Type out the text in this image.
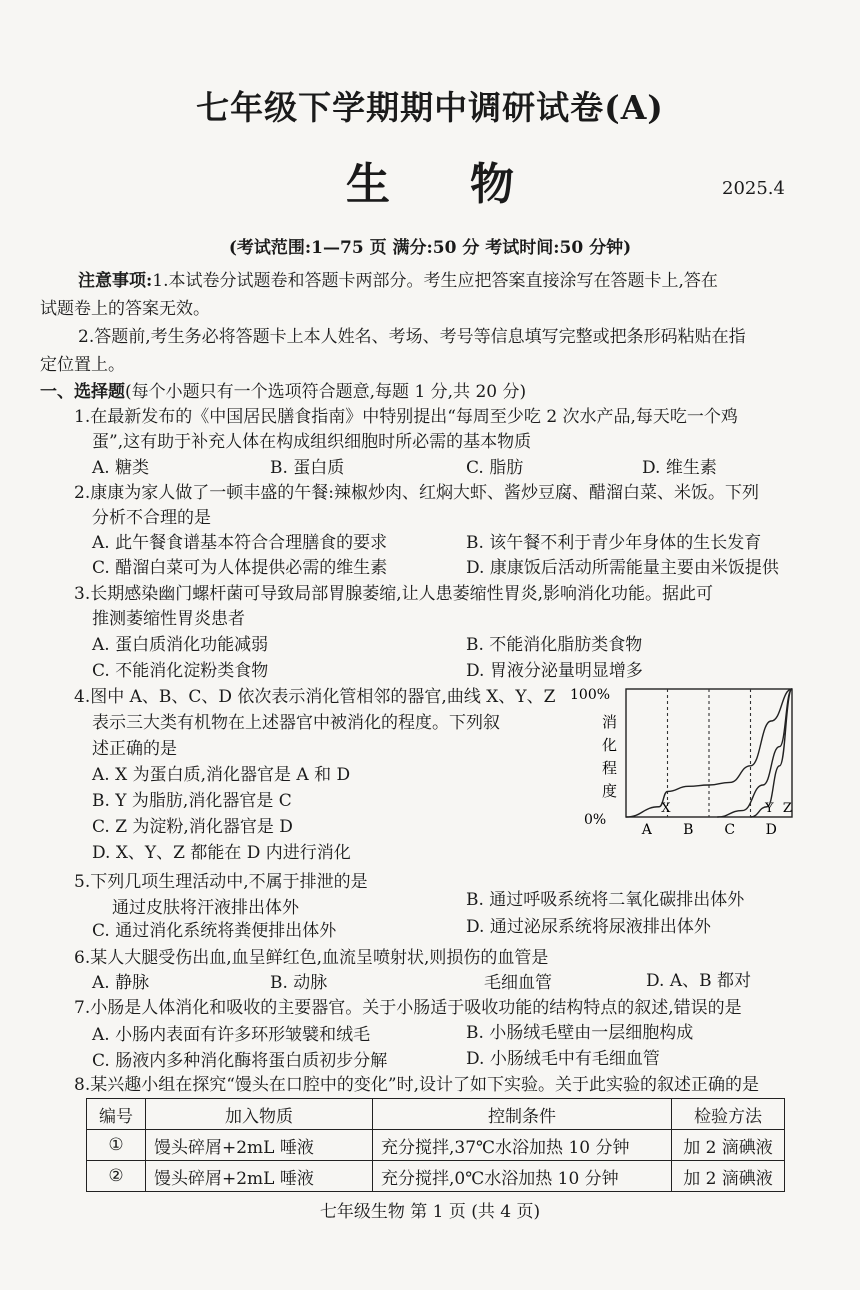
七年级下学期期中调研试卷(A)
生 物	2025.4
(考试范围:1—75 页 满分:50 分 考试时间:50 分钟)
注意事项:1.本试卷分试题卷和答题卡两部分。考生应把答案直接涂写在答题卡上,答在
试题卷上的答案无效。
2.答题前,考生务必将答题卡上本人姓名、考场、考号等信息填写完整或把条形码粘贴在指
定位置上。
一、选择题(每个小题只有一个选项符合题意,每题 1 分,共 20 分)
1.在最新发布的《中国居民膳食指南》中特别提出“每周至少吃 2 次水产品,每天吃一个鸡
蛋”,这有助于补充人体在构成组织细胞时所必需的基本物质
A. 糖类	B. 蛋白质	C. 脂肪	D. 维生素
2.康康为家人做了一顿丰盛的午餐:辣椒炒肉、红焖大虾、酱炒豆腐、醋溜白菜、米饭。下列
分析不合理的是
A. 此午餐食谱基本符合合理膳食的要求	B. 该午餐不利于青少年身体的生长发育
C. 醋溜白菜可为人体提供必需的维生素	D. 康康饭后活动所需能量主要由米饭提供
3.长期感染幽门螺杆菌可导致局部胃腺萎缩,让人患萎缩性胃炎,影响消化功能。据此可
推测萎缩性胃炎患者
A. 蛋白质消化功能减弱	B. 不能消化脂肪类食物
C. 不能消化淀粉类食物	D. 胃液分泌量明显增多
4.图中 A、B、C、D 依次表示消化管相邻的器官,曲线 X、Y、Z
表示三大类有机物在上述器官中被消化的程度。下列叙
述正确的是
A. X 为蛋白质,消化器官是 A 和 D
B. Y 为脂肪,消化器官是 C
C. Z 为淀粉,消化器官是 D
D. X、Y、Z 都能在 D 内进行消化
100%
0%
消
化
程
度
A B C D
X	Y Z
5.下列几项生理活动中,不属于排泄的是
通过皮肤将汗液排出体外	B. 通过呼吸系统将二氧化碳排出体外
C. 通过消化系统将粪便排出体外	D. 通过泌尿系统将尿液排出体外
6.某人大腿受伤出血,血呈鲜红色,血流呈喷射状,则损伤的血管是
A. 静脉	B. 动脉	毛细血管	D. A、B 都对
7.小肠是人体消化和吸收的主要器官。关于小肠适于吸收功能的结构特点的叙述,错误的是
A. 小肠内表面有许多环形皱襞和绒毛	B. 小肠绒毛壁由一层细胞构成
C. 肠液内多种消化酶将蛋白质初步分解	D. 小肠绒毛中有毛细血管
8.某兴趣小组在探究“馒头在口腔中的变化”时,设计了如下实验。关于此实验的叙述正确的是
编号	加入物质	控制条件	检验方法
①	馒头碎屑+2mL 唾液	充分搅拌,37℃水浴加热 10 分钟	加 2 滴碘液
②	馒头碎屑+2mL 唾液	充分搅拌,0℃水浴加热 10 分钟	加 2 滴碘液
七年级生物 第 1 页 (共 4 页)
